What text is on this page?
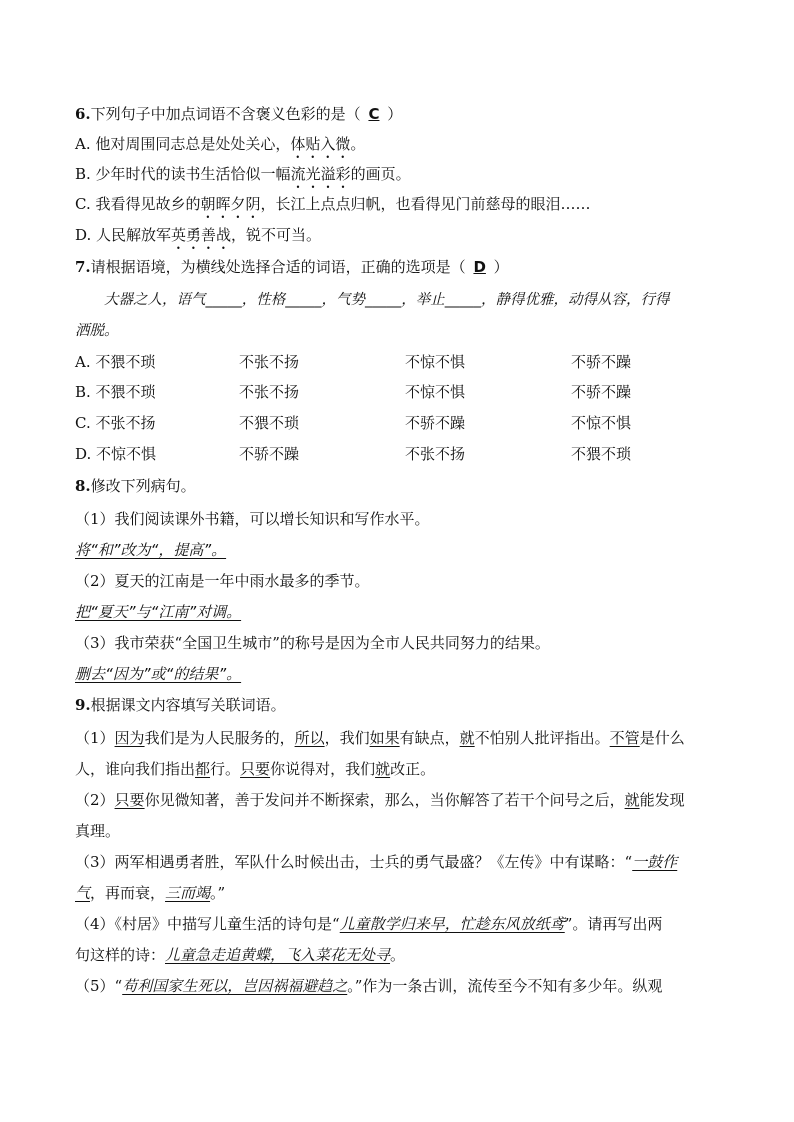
6.下列句子中加点词语不含褒义色彩的是（ C ）
A. 他对周围同志总是处处关心，体贴入微。
B. 少年时代的读书生活恰似一幅流光溢彩的画页。
C. 我看得见故乡的朝晖夕阴，长江上点点归帆，也看得见门前慈母的眼泪……
D. 人民解放军英勇善战，锐不可当。
7.请根据语境，为横线处选择合适的词语，正确的选项是（ D ）
大器之人，语气_____，性格_____，气势_____，举止_____，静得优雅，动得从容，行得
洒脱。
A. 不猥不琐	不张不扬	不惊不惧	不骄不躁
B. 不猥不琐	不张不扬	不惊不惧	不骄不躁
C. 不张不扬	不猥不琐	不骄不躁	不惊不惧
D. 不惊不惧	不骄不躁	不张不扬	不猥不琐
8.修改下列病句。
（1）我们阅读课外书籍，可以增长知识和写作水平。
将“和”改为“，提高”。
（2）夏天的江南是一年中雨水最多的季节。
把“夏天”与“江南”对调。
（3）我市荣获“全国卫生城市”的称号是因为全市人民共同努力的结果。
删去“因为”或“的结果”。
9.根据课文内容填写关联词语。
（1）因为我们是为人民服务的，所以，我们如果有缺点，就不怕别人批评指出。不管是什么
人，谁向我们指出都行。只要你说得对，我们就改正。
（2）只要你见微知著，善于发问并不断探索，那么，当你解答了若干个问号之后，就能发现
真理。
（3）两军相遇勇者胜，军队什么时候出击，士兵的勇气最盛？《左传》中有谋略：“一鼓作
气，再而衰，三而竭。”
（4）《村居》中描写儿童生活的诗句是“儿童散学归来早，忙趁东风放纸鸢”。请再写出两
句这样的诗：儿童急走追黄蝶，飞入菜花无处寻。
（5）“苟利国家生死以，岂因祸福避趋之。”作为一条古训，流传至今不知有多少年。纵观
